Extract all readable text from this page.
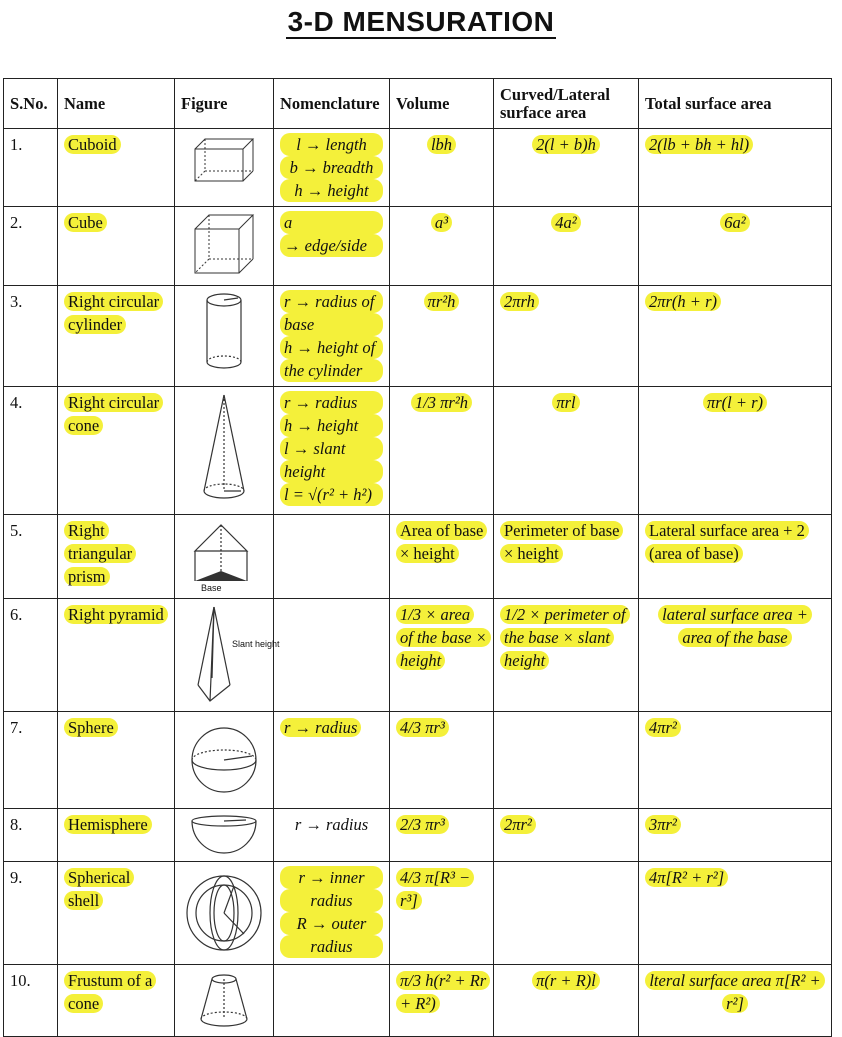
3-D MENSURATION
S.No.	Name	Figure	Nomenclature	Volume	Curved/Lateral surface area	Total surface area
1.	Cuboid		l → length
b → breadth
h → height	lbh	2(l + b)h	2(lb + bh + hl)
2.	Cube		a
→ edge/side	a³	4a²	6a²
3.	Right circular cylinder		r → radius of
base
h → height of
the cylinder	πr²h	2πrh	2πr(h + r)
4.	Right circular cone		r → radius
h → height
l → slant
height
l = √(r² + h²)	1/3 πr²h	πrl	πr(l + r)
5.	Right triangular prism	Base		Area of base × height	Perimeter of base × height	Lateral surface area + 2 (area of base)
6.	Right pyramid	Slant height		1/3 × area of the base × height	1/2 × perimeter of the base × slant height	lateral surface area + area of the base
7.	Sphere		r → radius	4/3 πr³		4πr²
8.	Hemisphere		r → radius	2/3 πr³	2πr²	3πr²
9.	Spherical shell		r → inner
radius
R → outer
radius	4/3 π[R³ − r³]		4π[R² + r²]
10.	Frustum of a cone			π/3 h(r² + Rr + R²)	π(r + R)l	lteral surface area π[R² + r²]
